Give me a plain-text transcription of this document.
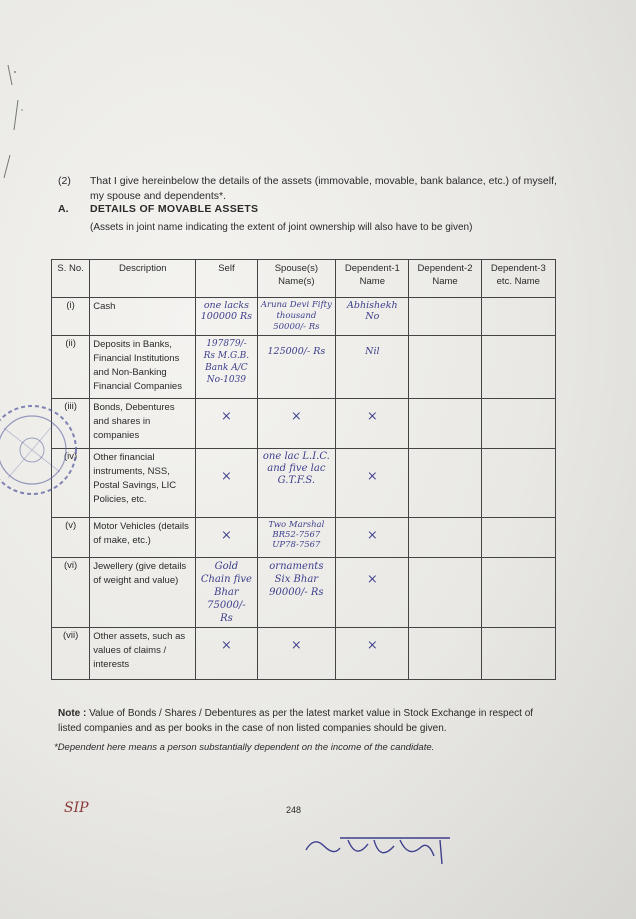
(2) That I give hereinbelow the details of the assets (immovable, movable, bank balance, etc.) of myself, my spouse and dependents*.
A. DETAILS OF MOVABLE ASSETS
(Assets in joint name indicating the extent of joint ownership will also have to be given)
S. No.	Description	Self	Spouse(s) Name(s)	Dependent-1 Name	Dependent-2 Name	Dependent-3 etc. Name
(i)	Cash	one lacks 100000 Rs	Aruna Devi Fifty thousand 50000/- Rs	Abhishekh No		
(ii)	Deposits in Banks, Financial Institutions and Non-Banking Financial Companies	197879/- Rs M.G.B. Bank A/C No-1039	125000/- Rs	Nil		
(iii)	Bonds, Debentures and shares in companies	×	×	×		

(iv)	Other financial instruments, NSS, Postal Savings, LIC Policies, etc.	×	one lac L.I.C. and five lac G.T.F.S.	×		

(v)	Motor Vehicles (details of make, etc.)	×	Two Marshal BR52-7567 UP78-7567	×		

(vi)	Jewellery (give details of weight and value)	Gold Chain five Bhar 75000/- Rs	ornaments Six Bhar 90000/- Rs	×		

(vii)	Other assets, such as values of claims / interests	×	×	×		

Note : Value of Bonds / Shares / Debentures as per the latest market value in Stock Exchange in respect of listed companies and as per books in the case of non listed companies should be given.
*Dependent here means a person substantially dependent on the income of the candidate.
248
SIP
